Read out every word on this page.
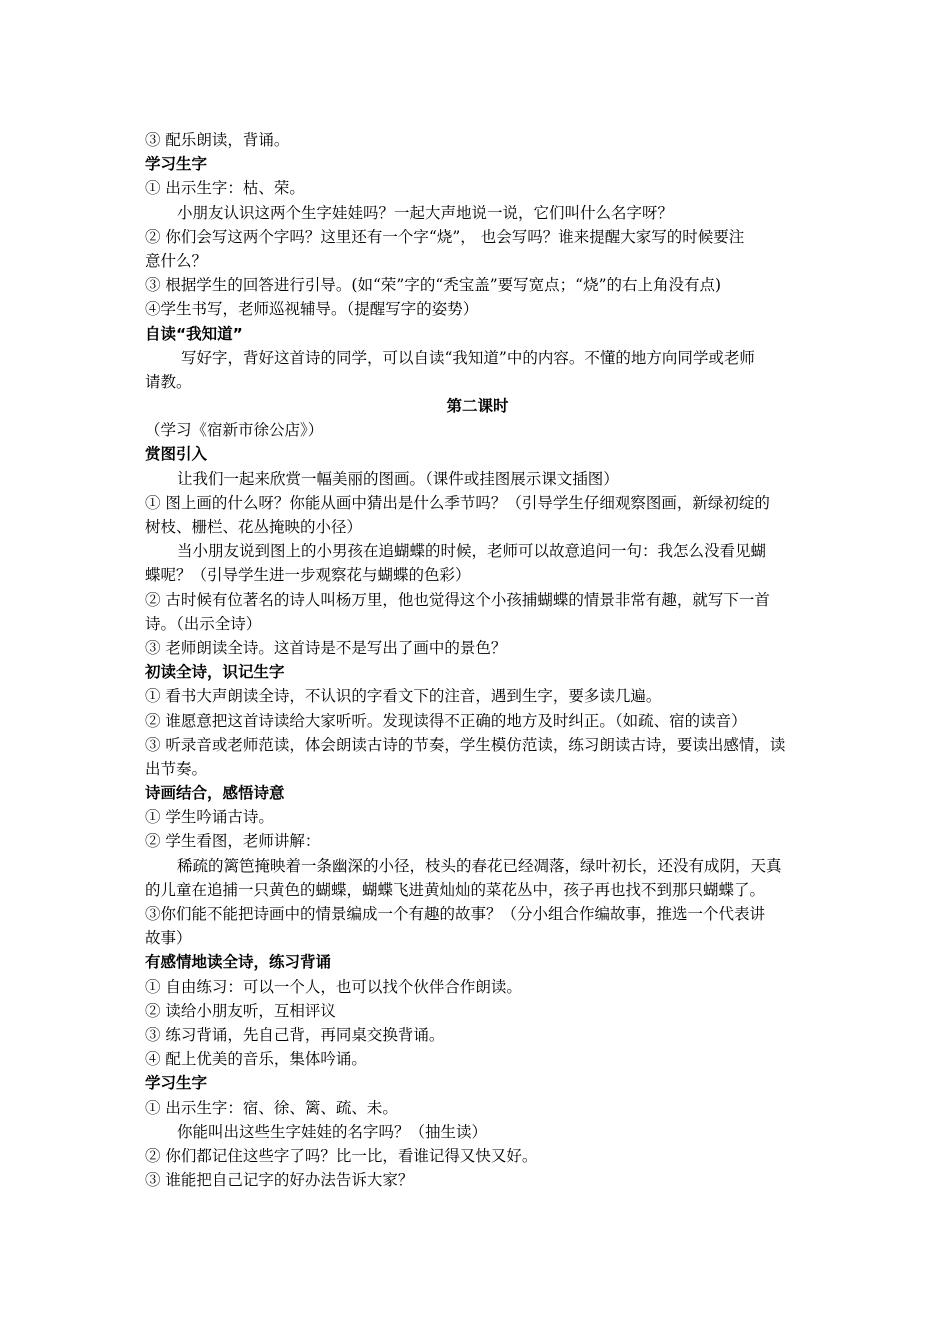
③ 配乐朗读，背诵。
学习生字
① 出示生字：枯、荣。
小朋友认识这两个生字娃娃吗？一起大声地说一说，它们叫什么名字呀？
② 你们会写这两个字吗？这里还有一个字“烧”， 也会写吗？谁来提醒大家写的时候要注
意什么？
③ 根据学生的回答进行引导。(如“荣”字的“秃宝盖”要写宽点；“烧”的右上角没有点)
④学生书写，老师巡视辅导。（提醒写字的姿势）
自读“我知道”
写好字，背好这首诗的同学，可以自读“我知道”中的内容。不懂的地方向同学或老师
请教。
第二课时
（学习《宿新市徐公店》）
赏图引入
让我们一起来欣赏一幅美丽的图画。（课件或挂图展示课文插图）
① 图上画的什么呀？你能从画中猜出是什么季节吗？（引导学生仔细观察图画，新绿初绽的
树枝、栅栏、花丛掩映的小径）
当小朋友说到图上的小男孩在追蝴蝶的时候，老师可以故意追问一句：我怎么没看见蝴
蝶呢？（引导学生进一步观察花与蝴蝶的色彩）
② 古时候有位著名的诗人叫杨万里，他也觉得这个小孩捕蝴蝶的情景非常有趣，就写下一首
诗。（出示全诗）
③ 老师朗读全诗。这首诗是不是写出了画中的景色？
初读全诗，识记生字
① 看书大声朗读全诗，不认识的字看文下的注音，遇到生字，要多读几遍。
② 谁愿意把这首诗读给大家听听。发现读得不正确的地方及时纠正。（如疏、宿的读音）
③ 听录音或老师范读，体会朗读古诗的节奏，学生模仿范读，练习朗读古诗，要读出感情，读
出节奏。
诗画结合，感悟诗意
① 学生吟诵古诗。
② 学生看图，老师讲解：
稀疏的篱笆掩映着一条幽深的小径，枝头的春花已经凋落，绿叶初长，还没有成阴，天真
的儿童在追捕一只黄色的蝴蝶，蝴蝶飞进黄灿灿的菜花丛中，孩子再也找不到那只蝴蝶了。
③你们能不能把诗画中的情景编成一个有趣的故事？（分小组合作编故事，推选一个代表讲
故事）
有感情地读全诗，练习背诵
① 自由练习：可以一个人，也可以找个伙伴合作朗读。
② 读给小朋友听，互相评议
③ 练习背诵，先自己背，再同桌交换背诵。
④ 配上优美的音乐，集体吟诵。
学习生字
① 出示生字：宿、徐、篱、疏、未。
你能叫出这些生字娃娃的名字吗？（抽生读）
② 你们都记住这些字了吗？比一比，看谁记得又快又好。
③ 谁能把自己记字的好办法告诉大家？
